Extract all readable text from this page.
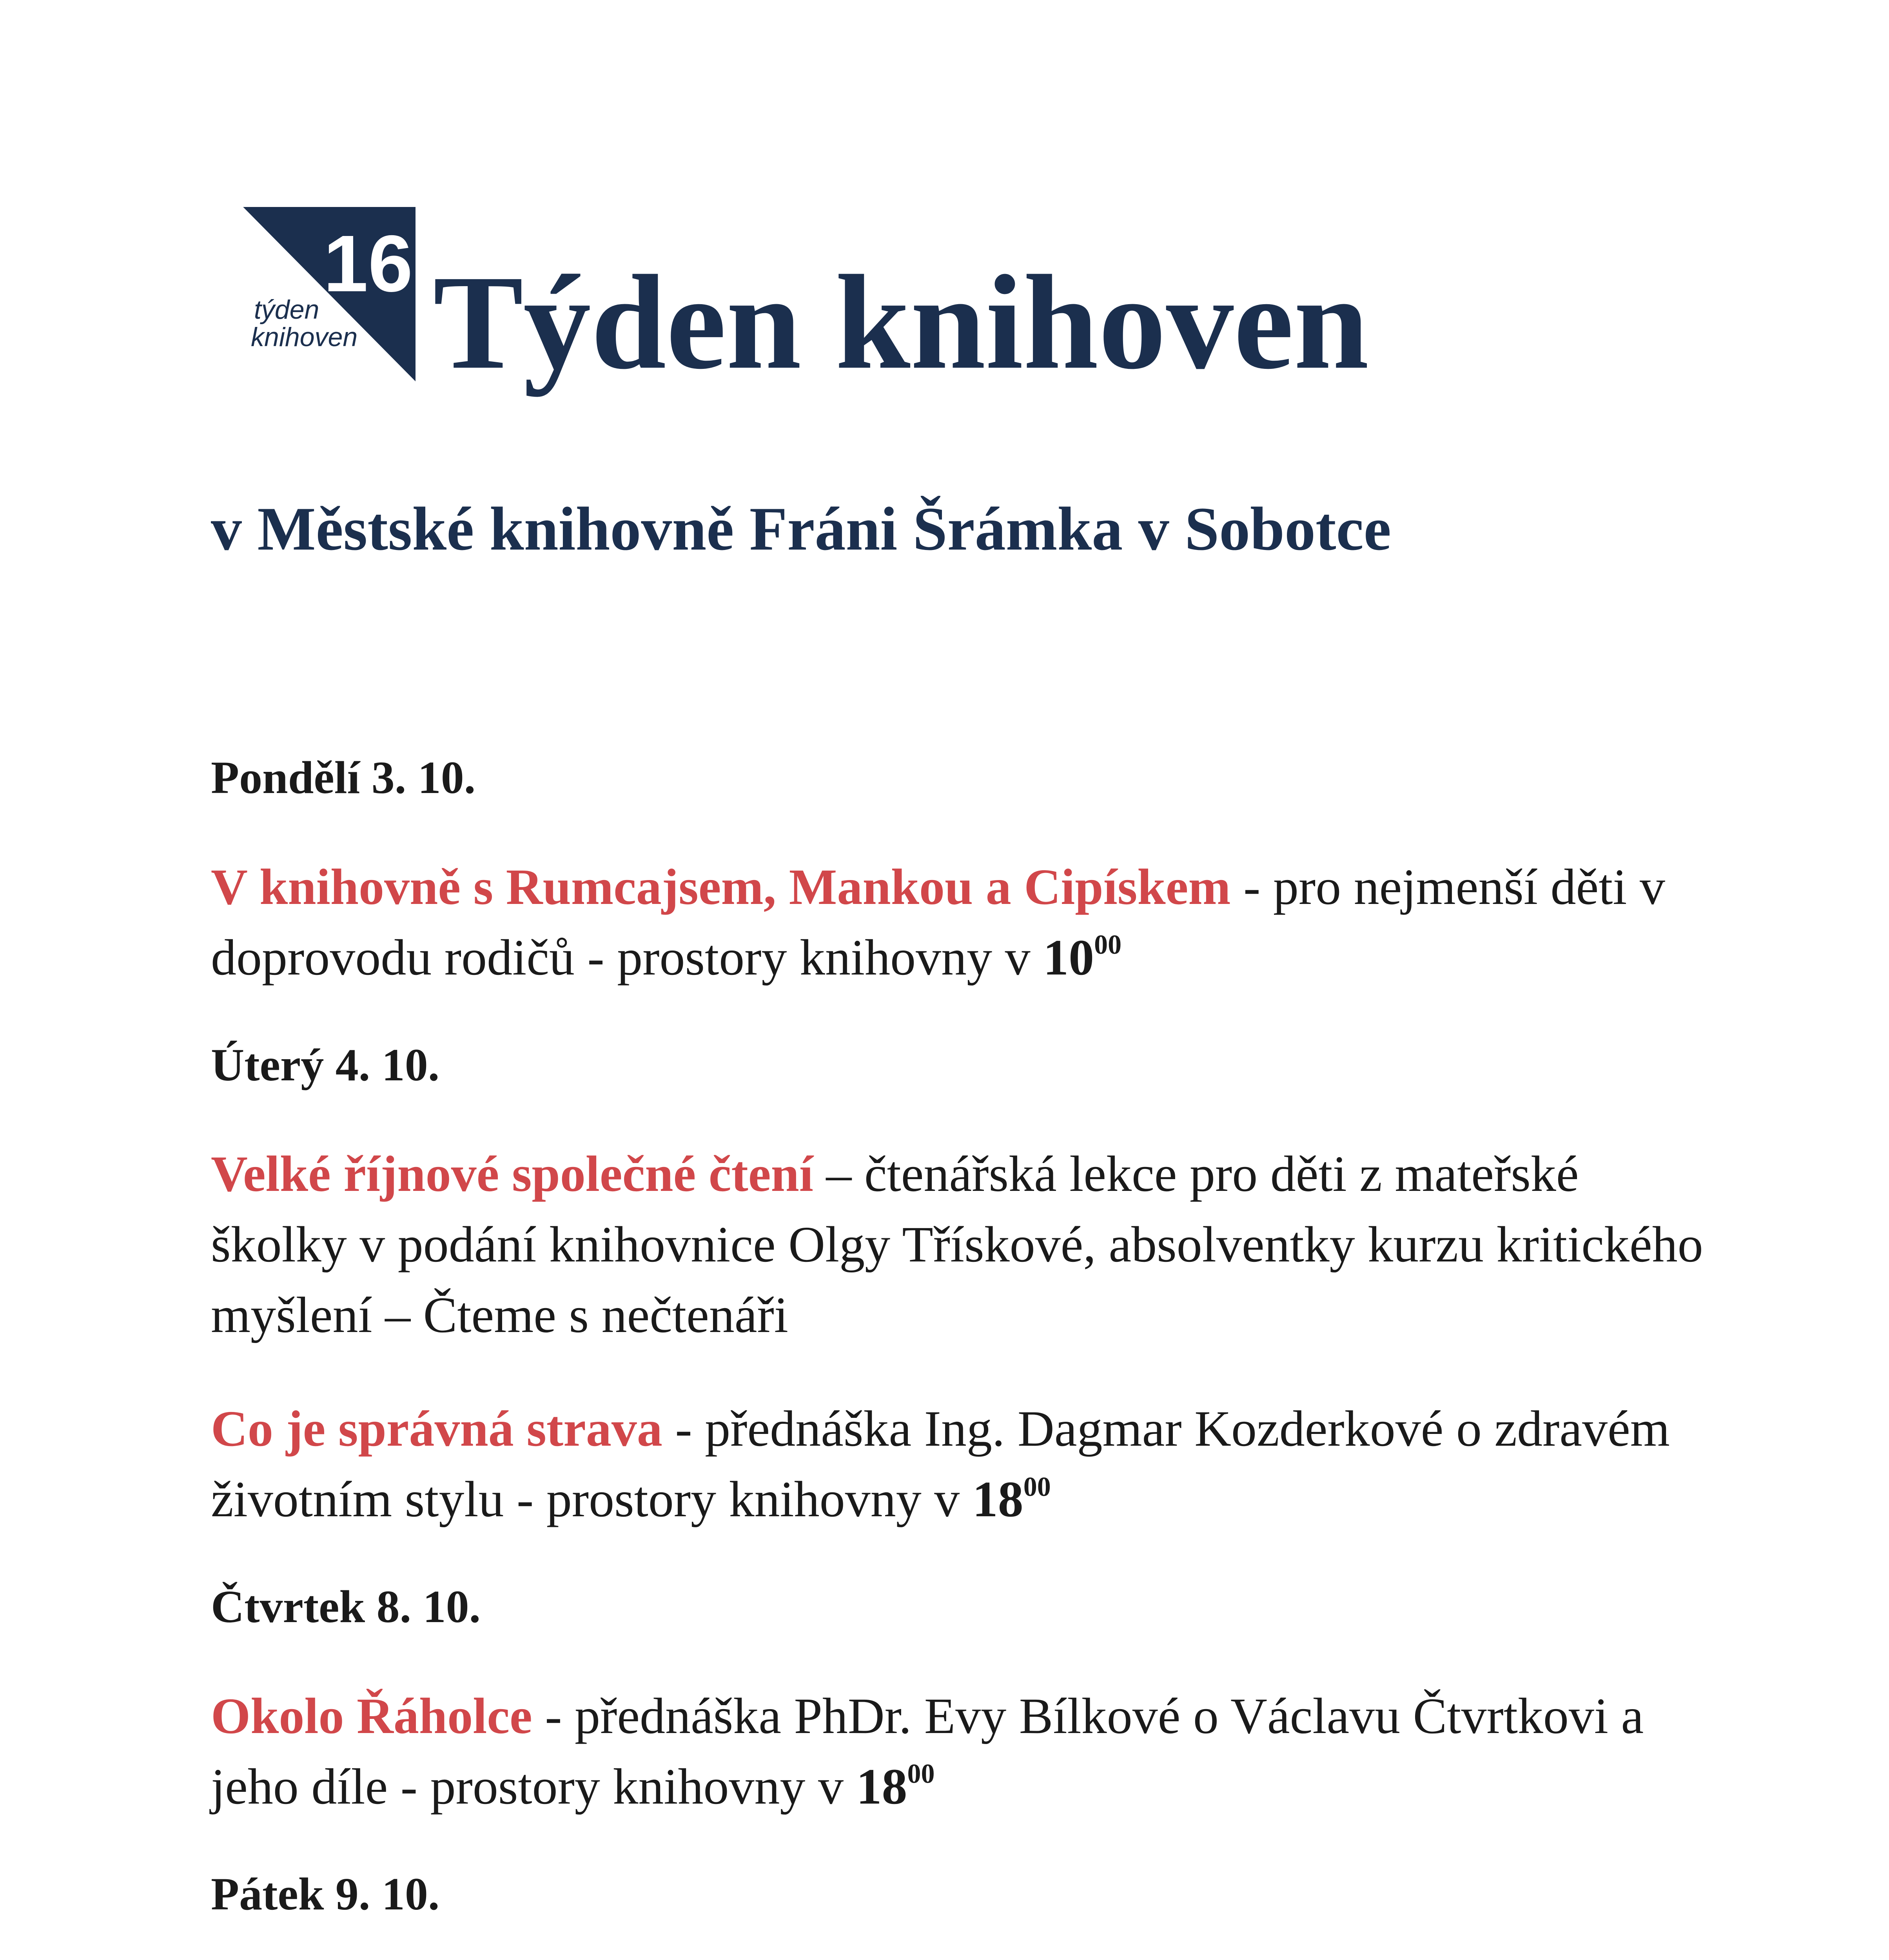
16
týden
knihoven Týden knihoven
v Městské knihovně Fráni Šrámka v Sobotce

Pondělí 3. 10.

V knihovně s Rumcajsem, Mankou a Cipískem - pro nejmenší děti v doprovodu rodičů - prostory knihovny v $10^{00}$

Úterý 4. 10.

Velké říjnové společné čtení – čtenářská lekce pro děti z mateřské školky v podání knihovnice Olgy Třískové, absolventky kurzu kritického myšlení – Čteme s nečtenáři

Co je správná strava - přednáška Ing. Dagmar Kozderkové o zdravém životním stylu - prostory knihovny v $18^{00}$

Čtvrtek 8. 10.

Okolo Řáholce - přednáška PhDr. Evy Bílkové o Václavu Čtvrtkovi a jeho díle - prostory knihovny v $18^{00}$

Pátek 9. 10.
